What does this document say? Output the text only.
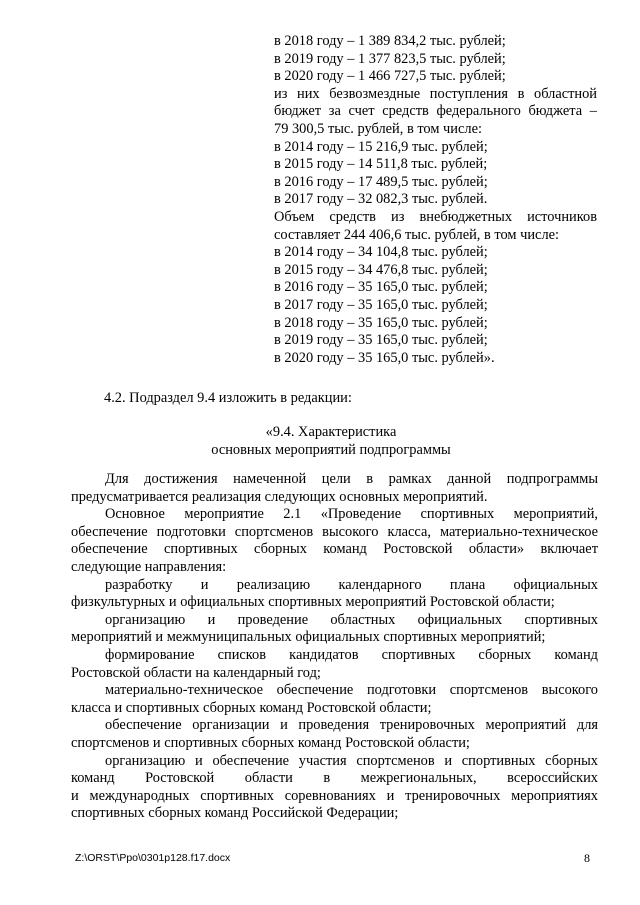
в 2018 году – 1 389 834,2 тыс. рублей;
в 2019 году – 1 377 823,5 тыс. рублей;
в 2020 году – 1 466 727,5 тыс. рублей;
из них безвозмездные поступления в областной
бюджет за счет средств федерального бюджета –
79 300,5 тыс. рублей, в том числе:
в 2014 году – 15 216,9 тыс. рублей;
в 2015 году – 14 511,8 тыс. рублей;
в 2016 году – 17 489,5 тыс. рублей;
в 2017 году – 32 082,3 тыс. рублей.
Объем средств из внебюджетных источников
составляет 244 406,6 тыс. рублей, в том числе:
в 2014 году – 34 104,8 тыс. рублей;
в 2015 году – 34 476,8 тыс. рублей;
в 2016 году – 35 165,0 тыс. рублей;
в 2017 году – 35 165,0 тыс. рублей;
в 2018 году – 35 165,0 тыс. рублей;
в 2019 году – 35 165,0 тыс. рублей;
в 2020 году – 35 165,0 тыс. рублей».
4.2. Подраздел 9.4 изложить в редакции:
«9.4. Характеристика
основных мероприятий подпрограммы

Для достижения намеченной цели в рамках данной подпрограммы
предусматривается реализация следующих основных мероприятий.

Основное мероприятие 2.1 «Проведение спортивных мероприятий,
обеспечение подготовки спортсменов высокого класса, материально-техническое
обеспечение спортивных сборных команд Ростовской области» включает
следующие направления:

разработку и реализацию календарного плана официальных
физкультурных и официальных спортивных мероприятий Ростовской области;

организацию и проведение областных официальных спортивных
мероприятий и межмуниципальных официальных спортивных мероприятий;

формирование списков кандидатов спортивных сборных команд
Ростовской области на календарный год;

материально-техническое обеспечение подготовки спортсменов высокого
класса и спортивных сборных команд Ростовской области;

обеспечение организации и проведения тренировочных мероприятий для
спортсменов и спортивных сборных команд Ростовской области;

организацию и обеспечение участия спортсменов и спортивных сборных
команд Ростовской области в межрегиональных, всероссийских
и международных спортивных соревнованиях и тренировочных мероприятиях
спортивных сборных команд Российской Федерации;

Z:\ORST\Ppo\0301p128.f17.docx	8
